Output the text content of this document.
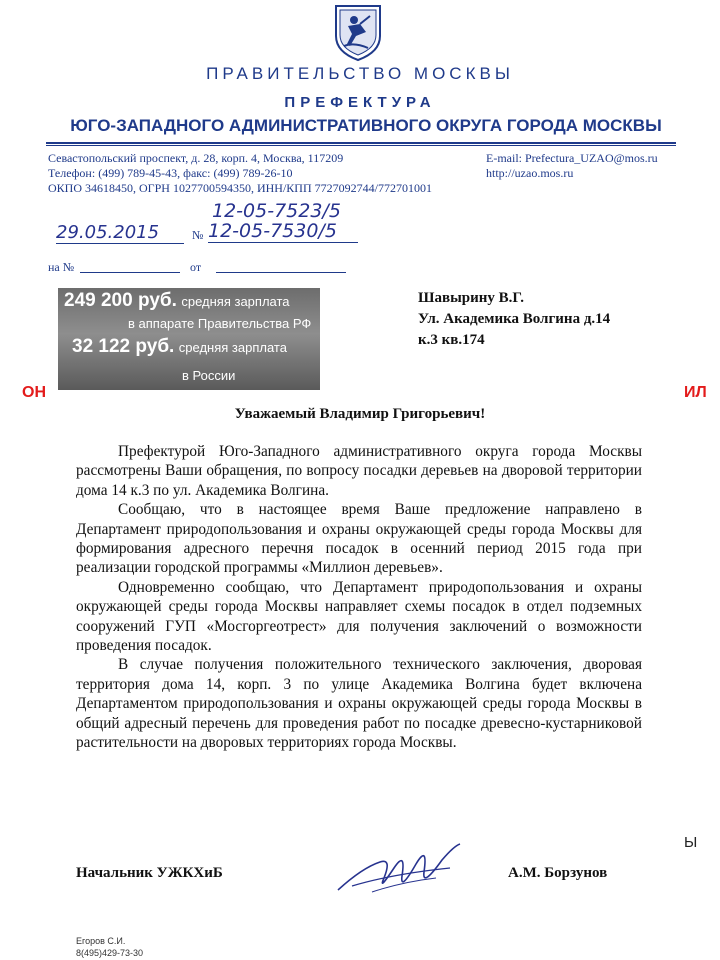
ПРАВИТЕЛЬСТВО МОСКВЫ
ПРЕФЕКТУРА
ЮГО-ЗАПАДНОГО АДМИНИСТРАТИВНОГО ОКРУГА ГОРОДА МОСКВЫ
Севастопольский проспект, д. 28, корп. 4, Москва, 117209
Телефон: (499) 789-45-43, факс: (499) 789-26-10
ОКПО 34618450, ОГРН 1027700594350, ИНН/КПП 7727092744/772701001
E-mail: Prefectura_UZAO@mos.ru
http://uzao.mos.ru
12-05-7523/5
29.05.2015	№ 12-05-7530/5
на №	от
249 200 руб. средняя зарплата
в аппарате Правительства РФ
32 122 руб. средняя зарплата
в России
ОН	ИЛ
Ы
Шавырину В.Г.
Ул. Академика Волгина д.14
к.3 кв.174
Уважаемый Владимир Григорьевич!

Префектурой Юго-Западного административного округа города Москвы рассмотрены Ваши обращения, по вопросу посадки деревьев на дворовой территории дома 14 к.3 по ул. Академика Волгина.

Сообщаю, что в настоящее время Ваше предложение направлено в Департамент природопользования и охраны окружающей среды города Москвы для формирования адресного перечня посадок в осенний период 2015 года при реализации городской программы «Миллион деревьев».

Одновременно сообщаю, что Департамент природопользования и охраны окружающей среды города Москвы направляет схемы посадок в отдел подземных сооружений ГУП «Мосгоргеотрест» для получения заключений о возможности проведения посадок.

В случае получения положительного технического заключения, дворовая территория дома 14, корп. 3 по улице Академика Волгина будет включена Департаментом природопользования и охраны окружающей среды города Москвы в общий адресный перечень для проведения работ по посадке древесно-кустарниковой растительности на дворовых территориях города Москвы.

Начальник УЖКХиБ	А.М. Борзунов
Егоров С.И.
8(495)429-73-30
